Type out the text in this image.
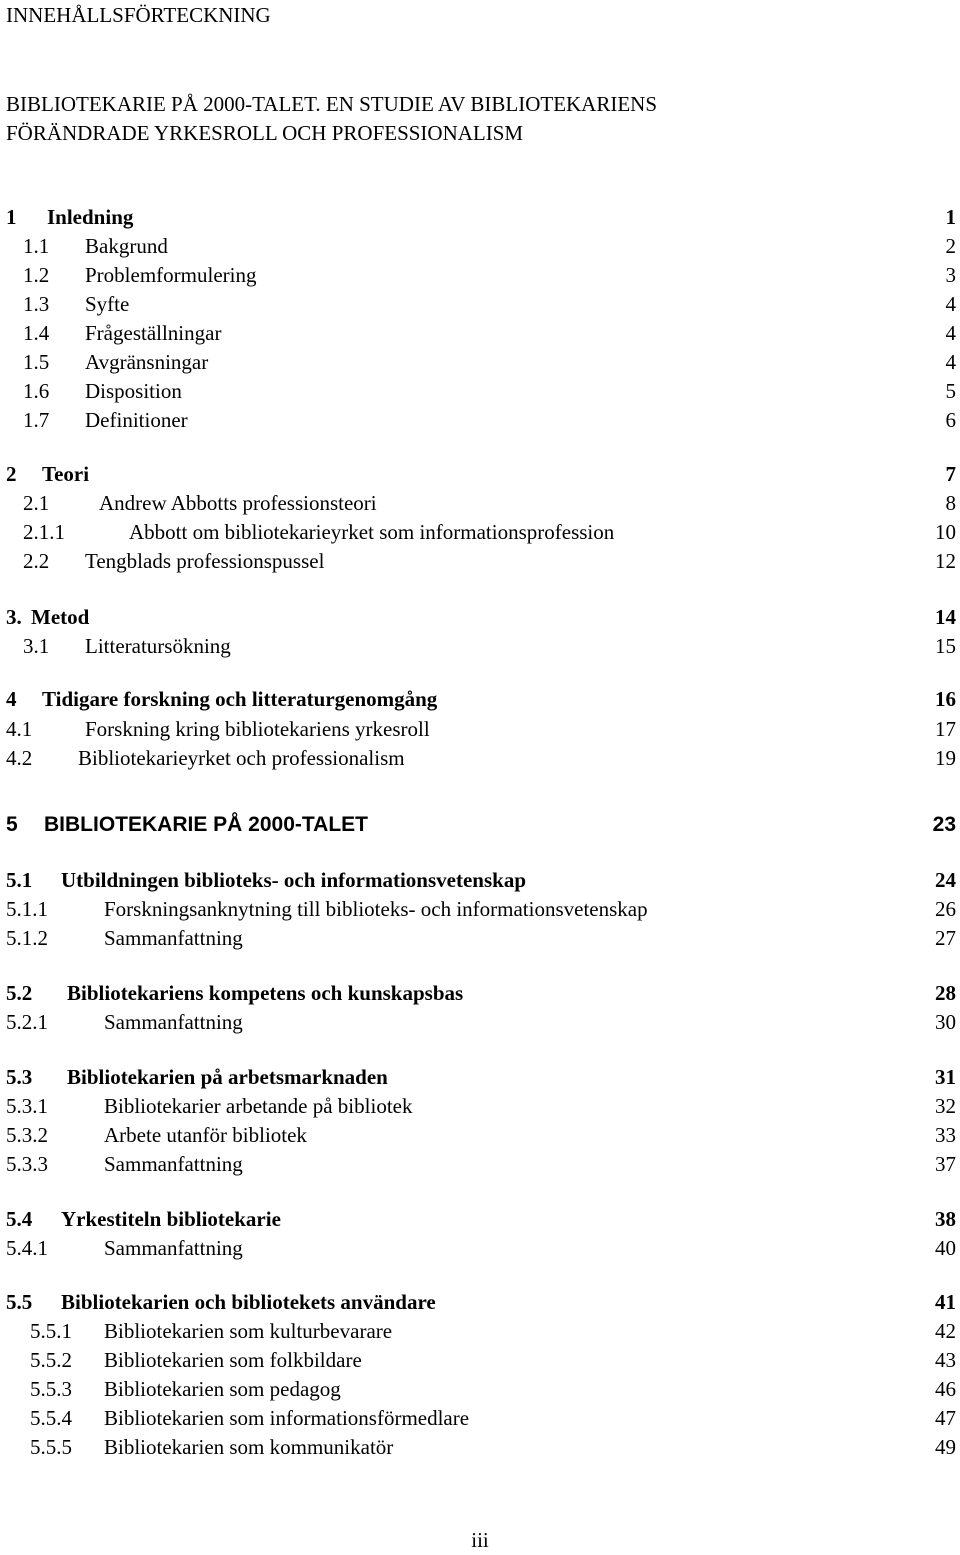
INNEHÅLLSFÖRTECKNING
BIBLIOTEKARIE PÅ 2000-TALET. EN STUDIE AV BIBLIOTEKARIENS
FÖRÄNDRADE YRKESROLL OCH PROFESSIONALISM
1 Inledning	1
1.1 Bakgrund	2
1.2 Problemformulering	3
1.3 Syfte	4
1.4 Frågeställningar	4
1.5 Avgränsningar	4
1.6 Disposition	5
1.7 Definitioner	6
2 Teori	7
2.1 Andrew Abbotts professionsteori	8
2.1.1	Abbott om bibliotekarieyrket som informationsprofession	10
2.2 Tengblads professionspussel	12
3. Metod	14
3.1 Litteratursökning	15
4 Tidigare forskning och litteraturgenomgång	16
4.1	Forskning kring bibliotekariens yrkesroll	17
4.2 Bibliotekarieyrket och professionalism	19
5 BIBLIOTEKARIE PÅ 2000-TALET	23
5.1 Utbildningen biblioteks- och informationsvetenskap	24
5.1.1	Forskningsanknytning till biblioteks- och informationsvetenskap	26
5.1.2	Sammanfattning	27
5.2 Bibliotekariens kompetens och kunskapsbas	28
5.2.1	Sammanfattning	30
5.3 Bibliotekarien på arbetsmarknaden	31
5.3.1	Bibliotekarier arbetande på bibliotek	32
5.3.2	Arbete utanför bibliotek	33
5.3.3	Sammanfattning	37
5.4 Yrkestiteln bibliotekarie	38
5.4.1	Sammanfattning	40
5.5 Bibliotekarien och bibliotekets användare	41
5.5.1 Bibliotekarien som kulturbevarare	42
5.5.2 Bibliotekarien som folkbildare	43
5.5.3 Bibliotekarien som pedagog	46
5.5.4 Bibliotekarien som informationsförmedlare	47
5.5.5 Bibliotekarien som kommunikatör	49
iii
